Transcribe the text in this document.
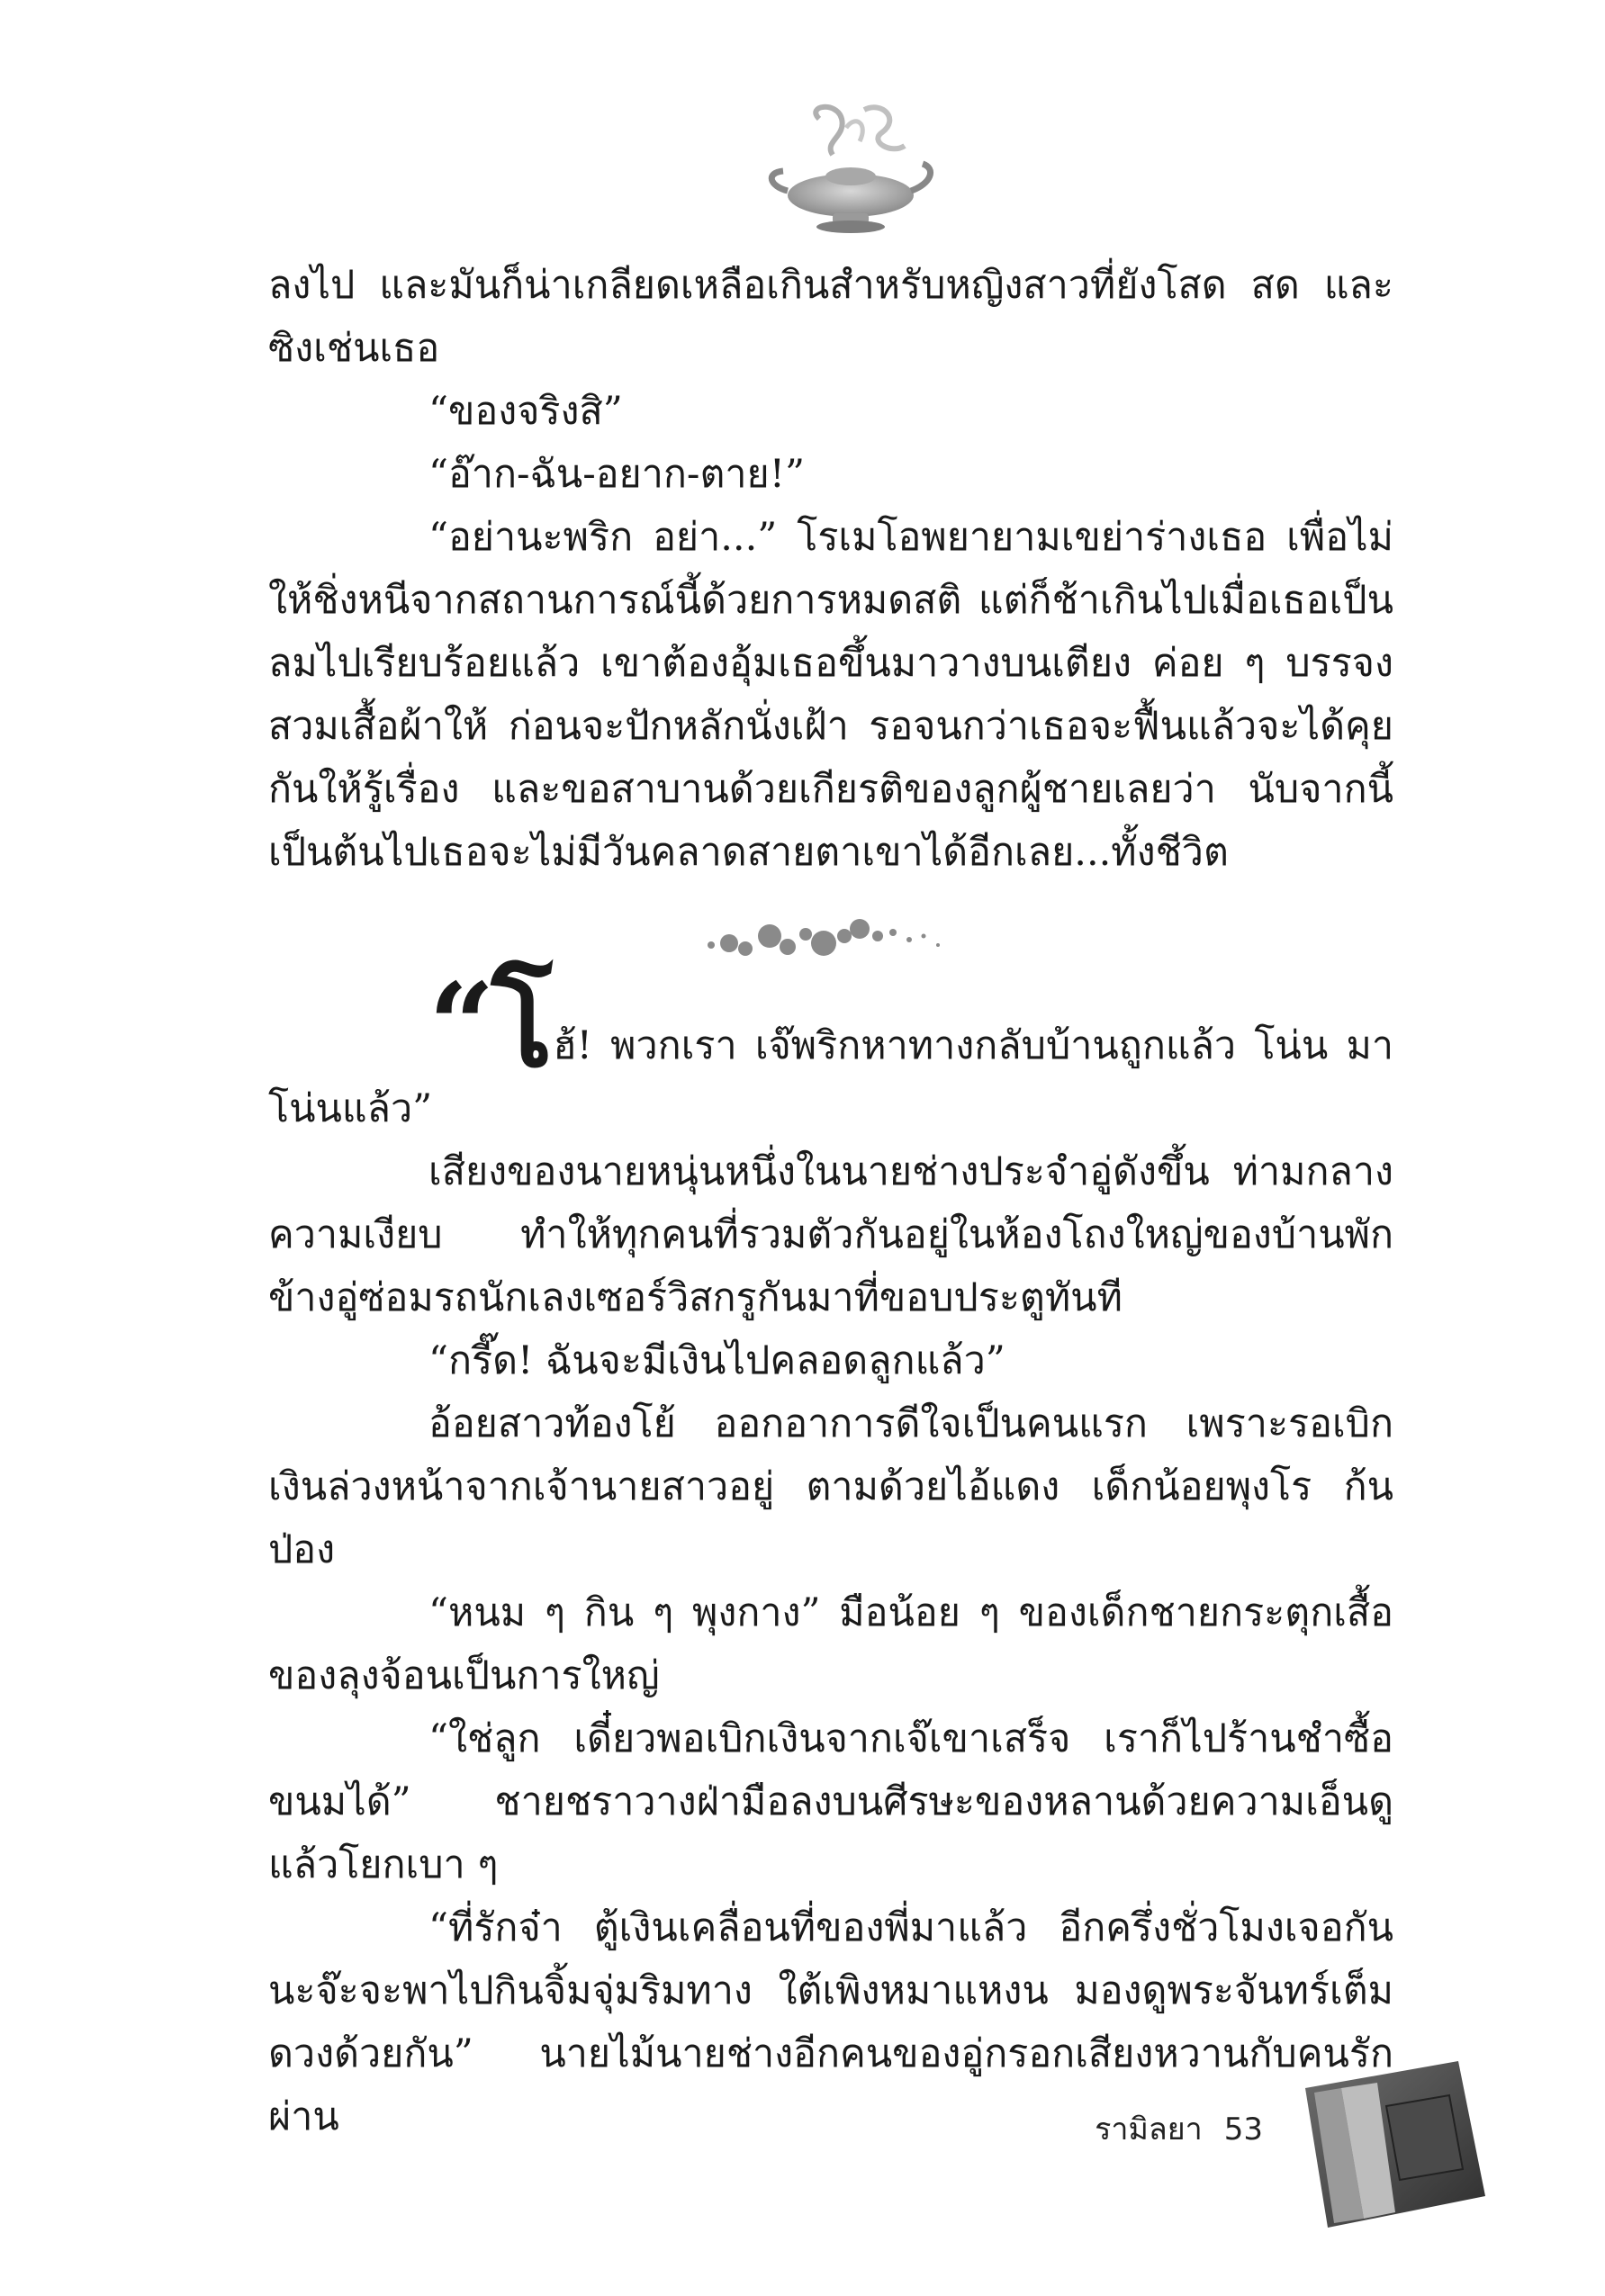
ลงไป และมันก็น่าเกลียดเหลือเกินสำหรับหญิงสาวที่ยังโสด สด และซิงเช่นเธอ

“ของจริงสิ”

“อ๊าก-ฉัน-อยาก-ตาย!”

“อย่านะพริก อย่า...” โรเมโอพยายามเขย่าร่างเธอ เพื่อไม่ให้ชิ่งหนีจากสถานการณ์นี้ด้วยการหมดสติ แต่ก็ช้าเกินไปเมื่อเธอเป็นลมไปเรียบร้อยแล้ว เขาต้องอุ้มเธอขึ้นมาวางบนเตียง ค่อย ๆ บรรจงสวมเสื้อผ้าให้ ก่อนจะปักหลักนั่งเฝ้า รอจนกว่าเธอจะฟื้นแล้วจะได้คุยกันให้รู้เรื่อง และขอสาบานด้วยเกียรติของลูกผู้ชายเลยว่า นับจากนี้เป็นต้นไปเธอจะไม่มีวันคลาดสายตาเขาได้อีกเลย...ทั้งชีวิต

“โฮ้! พวกเรา เจ๊พริกหาทางกลับบ้านถูกแล้ว โน่น มาโน่นแล้ว”

เสียงของนายหนุ่นหนึ่งในนายช่างประจำอู่ดังขึ้น ท่ามกลางความเงียบ ทำให้ทุกคนที่รวมตัวกันอยู่ในห้องโถงใหญ่ของบ้านพักข้างอู่ซ่อมรถนักเลงเซอร์วิสกรูกันมาที่ขอบประตูทันที

“กรี๊ด! ฉันจะมีเงินไปคลอดลูกแล้ว”

อ้อยสาวท้องโย้ ออกอาการดีใจเป็นคนแรก เพราะรอเบิกเงินล่วงหน้าจากเจ้านายสาวอยู่ ตามด้วยไอ้แดง เด็กน้อยพุงโร ก้นป่อง

“หนม ๆ กิน ๆ พุงกาง” มือน้อย ๆ ของเด็กชายกระตุกเสื้อของลุงจ้อนเป็นการใหญ่

“ใช่ลูก เดี๋ยวพอเบิกเงินจากเจ๊เขาเสร็จ เราก็ไปร้านชำซื้อขนมได้” ชายชราวางฝ่ามือลงบนศีรษะของหลานด้วยความเอ็นดู แล้วโยกเบา ๆ

“ที่รักจ๋า ตู้เงินเคลื่อนที่ของพี่มาแล้ว อีกครึ่งชั่วโมงเจอกันนะจ๊ะจะพาไปกินจิ้มจุ่มริมทาง ใต้เพิงหมาแหงน มองดูพระจันทร์เต็มดวงด้วยกัน” นายไม้นายช่างอีกคนของอู่กรอกเสียงหวานกับคนรักผ่าน	รามิลยา 53
